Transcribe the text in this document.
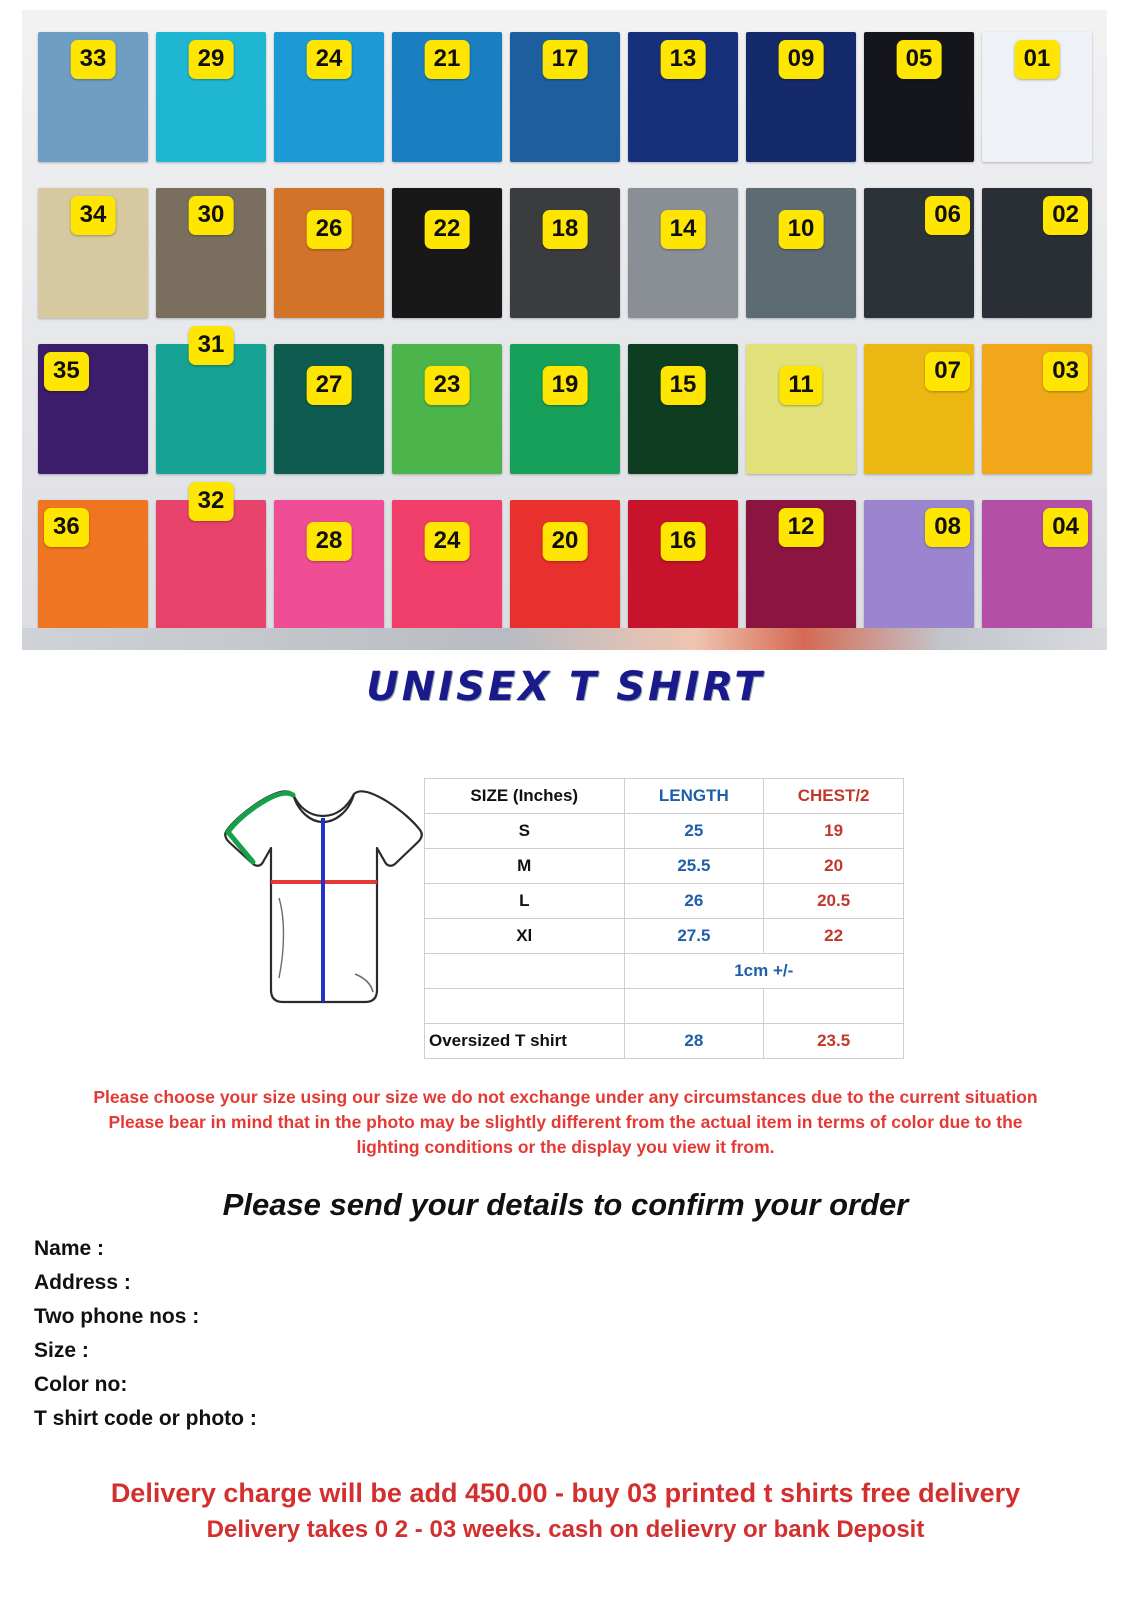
33	29	24	21	17	13	09	05	01
34	30
26	22	18	14	10
06	02
35
31
27	23	19	15	11
07	03
36
32
28	24	20	16
12	08	04
UNISEX T SHIRT
SIZE (Inches)	LENGTH	CHEST/2
S	25	19
M	25.5	20
L	26	20.5
Xl	27.5	22
	1cm +/-	

Oversized T shirt	28	23.5
Please choose your size using our size we do not exchange under any circumstances due to the current situation
Please bear in mind that in the photo may be slightly different from the actual item in terms of color due to the
lighting conditions or the display you view it from.
Please send your details to confirm your order
Name :
Address :
Two phone nos :
Size :
Color no:
T shirt code or photo :
Delivery charge will be add 450.00 - buy 03 printed t shirts free delivery
Delivery takes 0 2 - 03 weeks. cash on delievry or bank Deposit
